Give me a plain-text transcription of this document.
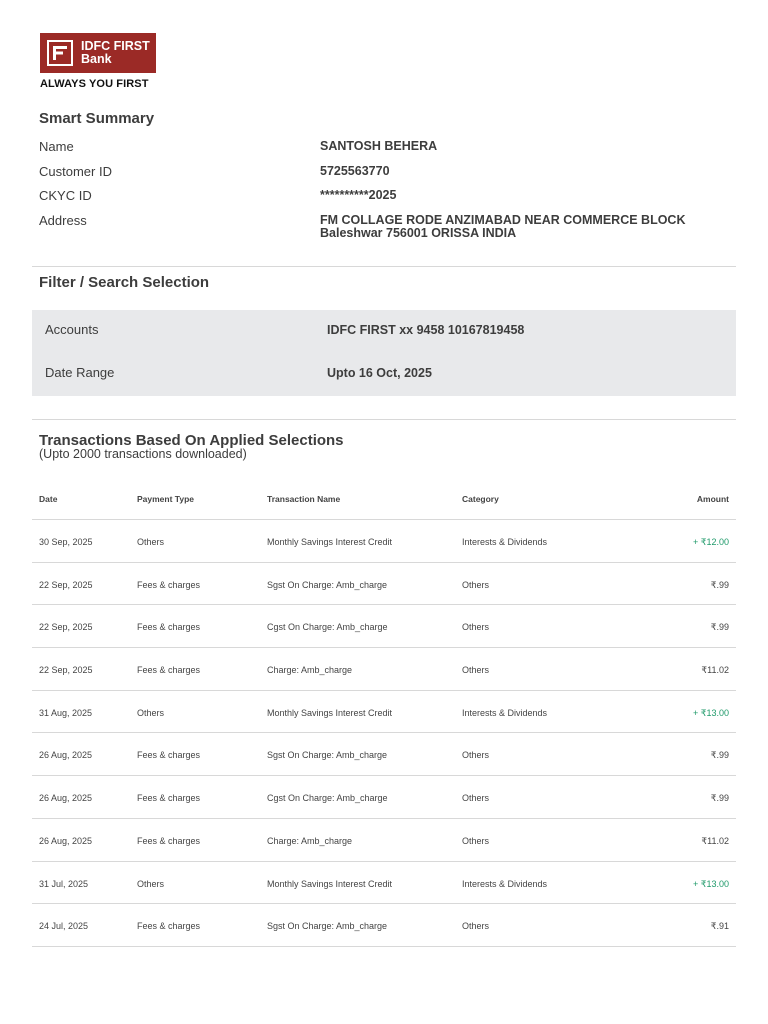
IDFC FIRST
Bank
ALWAYS YOU FIRST
Smart Summary
Name	SANTOSH BEHERA
Customer ID	5725563770
CKYC ID	**********2025
Address	FM COLLAGE RODE ANZIMABAD NEAR COMMERCE BLOCK
Baleshwar 756001 ORISSA INDIA
Filter / Search Selection
Accounts	IDFC FIRST xx 9458 10167819458
Date Range	Upto 16 Oct, 2025
Transactions Based On Applied Selections
(Upto 2000 transactions downloaded)
Date	Payment Type	Transaction Name	Category	Amount
30 Sep, 2025	Others	Monthly Savings Interest Credit	Interests & Dividends	+ ₹12.00
22 Sep, 2025	Fees & charges	Sgst On Charge: Amb_charge	Others	₹.99
22 Sep, 2025	Fees & charges	Cgst On Charge: Amb_charge	Others	₹.99
22 Sep, 2025	Fees & charges	Charge: Amb_charge	Others	₹11.02
31 Aug, 2025	Others	Monthly Savings Interest Credit	Interests & Dividends	+ ₹13.00
26 Aug, 2025	Fees & charges	Sgst On Charge: Amb_charge	Others	₹.99
26 Aug, 2025	Fees & charges	Cgst On Charge: Amb_charge	Others	₹.99
26 Aug, 2025	Fees & charges	Charge: Amb_charge	Others	₹11.02
31 Jul, 2025	Others	Monthly Savings Interest Credit	Interests & Dividends	+ ₹13.00
24 Jul, 2025	Fees & charges	Sgst On Charge: Amb_charge	Others	₹.91
